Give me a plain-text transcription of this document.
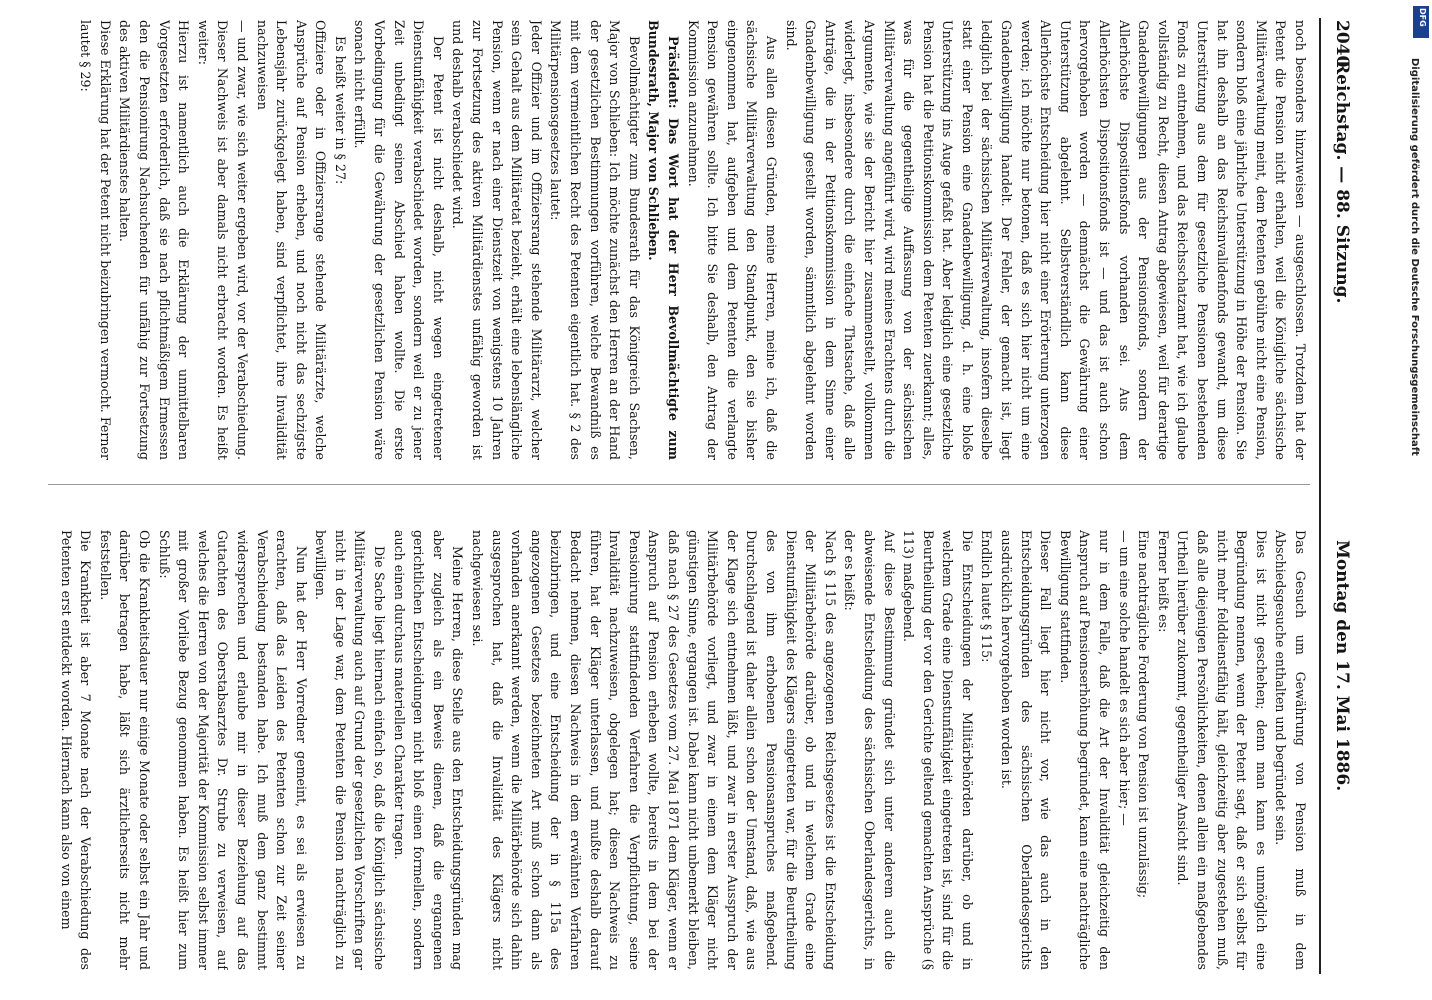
2040
Reichstag. — 88. Sitzung.
Montag den 17. Mai 1886.

noch besonders hinzuweisen — ausgeschlossen. Trotzdem hat der Petent die Pension nicht erhalten, weil die Königliche sächsische Militärverwaltung meint, dem Petenten gebühre nicht eine Pension, sondern bloß eine jährliche Unterstützung in Höhe der Pension. Sie hat ihn deshalb an das Reichsinvalidenfonds gewandt, um diese Unterstützung aus dem für gesetzliche Pensionen bestehenden Fonds zu entnehmen, und das Reichsschatzamt hat, wie ich glaube vollständig zu Recht, diesen Antrag abgewiesen, weil für derartige Gnadenbewilligungen aus der Pensionsfonds, sondern der Allerhöchste Dispositionsfonds vorhanden sei. Aus dem Allerhöchsten Dispositionsfonds ist — und das ist auch schon hervorgehoben worden — demnächst die Gewährung einer Unterstützung abgelehnt. Selbstverständlich kann diese Allerhöchste Entscheidung hier nicht einer Erörterung unterzogen werden; ich möchte nur betonen, daß es sich hier nicht um eine Gnadenbewilligung handelt. Der Fehler, der gemacht ist, liegt lediglich bei der sächsischen Militärverwaltung, insofern dieselbe statt einer Pension eine Gnadenbewilligung, d. h. eine bloße Unterstützung ins Auge gefaßt hat. Aber lediglich eine gesetzliche Pension hat die Petitionskommission dem Petenten zuerkannt; alles, was für die gegentheilige Auffassung von der sächsischen Militärverwaltung angeführt wird, wird meines Erachtens durch die Argumente, wie sie der Bericht hier zusammenstellt, vollkommen widerlegt, insbesondere durch die einfache Thatsache, daß alle Anträge, die in der Petitionskommission in dem Sinne einer Gnadenbewilligung gestellt worden, sämmtlich abgelehnt worden sind.

Aus allen diesen Gründen, meine Herren, meine ich, daß die sächsische Militärverwaltung den Standpunkt, den sie bisher eingenommen hat, aufgeben und dem Petenten die verlangte Pension gewähren sollte. Ich bitte Sie deshalb, den Antrag der Kommission anzunehmen.

Präsident: Das Wort hat der Herr Bevollmächtigte zum Bundesrath, Major von Schlieben.

Bevollmächtigter zum Bundesrath für das Königreich Sachsen, Major von Schlieben: Ich möchte zunächst den Herren an der Hand der gesetzlichen Bestimmungen vorführen, welche Bewandniß es mit dem vermeintlichen Recht des Petenten eigentlich hat. § 2 des Militärpensionsgesetzes lautet:

Jeder Offizier und im Offiziersrang stehende Militärarzt, welcher sein Gehalt aus dem Militäretat bezieht, erhält eine lebenslängliche Pension, wenn er nach einer Dienstzeit von wenigstens 10 Jahren zur Fortsetzung des aktiven Militärdienstes unfähig geworden ist und deshalb verabschiedet wird.

Der Petent ist nicht deshalb, nicht wegen eingetretener Dienstunfähigkeit verabschiedet worden, sondern weil er zu jener Zeit unbedingt seinen Abschied haben wollte. Die erste Vorbedingung für die Gewährung der gesetzlichen Pension wäre sonach nicht erfüllt.

Es heißt weiter in § 27:

Offiziere oder in Offiziersrange stehende Militärärzte, welche Ansprüche auf Pension erheben, und noch nicht das sechzigste Lebensjahr zurückgelegt haben, sind verpflichtet, ihre Invalidität nachzuweisen

— und zwar, wie sich weiter ergeben wird, vor der Verabschiedung. Dieser Nachweis ist aber damals nicht erbracht worden. Es heißt weiter:

Hierzu ist namentlich auch die Erklärung der unmittelbaren Vorgesetzten erforderlich, daß sie nach pflichtmäßigem Ermessen den die Pensionirung Nachsuchenden für unfähig zur Fortsetzung des aktiven Militärdienstes halten.

Diese Erklärung hat der Petent nicht beizubringen vermocht. Ferner lautet § 29:

Das Gesuch um Gewährung von Pension muß in dem Abschiedsgesuche enthalten und begründet sein.

Dies ist nicht geschehen; denn man kann es unmöglich eine Begründung nennen, wenn der Petent sagt, daß er sich selbst für nicht mehr felddienstfähig hält, gleichzeitig aber zugestehen muß, daß alle diejenigen Persönlichkeiten, denen allein ein maßgebendes Urtheil hierüber zukommt, gegentheiliger Ansicht sind.

Ferner heißt es:

Eine nachträgliche Forderung von Pension ist unzulässig;

— um eine solche handelt es sich aber hier; —

nur in dem Falle, daß die Art der Invalidität gleichzeitig den Anspruch auf Pensionserhöhung begründet, kann eine nachträgliche Bewilligung stattfinden.

Dieser Fall liegt hier nicht vor, wie das auch in den Entscheidungsgründen des sächsischen Oberlandesgerichts ausdrücklich hervorgehoben worden ist.

Endlich lautet § 115:

Die Entscheidungen der Militärbehörden darüber, ob und in welchem Grade eine Dienstunfähigkeit eingetreten ist, sind für die Beurtheilung der vor den Gerichte geltend gemachten Ansprüche (§ 113) maßgebend.

Auf diese Bestimmung gründet sich unter anderem auch die abweisende Entscheidung des sächsischen Oberlandesgerichts, in der es heißt:

Nach § 115 des angezogenen Reichsgesetzes ist die Entscheidung der Militärbehörde darüber, ob und in welchem Grade eine Dienstunfähigkeit des Klägers eingetreten war, für die Beurtheilung des von ihm erhobenen Pensionsanspruches maßgebend. Durchschlagend ist daher allein schon der Umstand, daß, wie aus der Klage sich entnehmen läßt, und zwar in erster Ausspruch der Militärbehörde vorliegt, und zwar in einem dem Kläger nicht günstigen Sinne, ergangen ist. Dabei kann nicht unbemerkt bleiben, daß nach § 27 des Gesetzes vom 27. Mai 1871 dem Kläger, wenn er Anspruch auf Pension erheben wollte, bereits in dem bei der Pensionirung stattfindenden Verfahren die Verpflichtung, seine Invalidität nachzuweisen, obgelegen hat; diesen Nachweis zu führen, hat der Kläger unterlassen, und mußte deshalb darauf Bedacht nehmen, diesen Nachweis in dem erwähnten Verfahren beizubringen, und eine Entscheidung der in § 115a des angezogenen Gesetzes bezeichneten Art muß schon dann als vorhanden anerkannt werden, wenn die Militärbehörde sich dahin ausgesprochen hat, daß die Invalidität des Klägers nicht nachgewiesen sei.

Meine Herren, diese Stelle aus den Entscheidungsgründen mag aber zugleich als ein Beweis dienen, daß die ergangenen gerichtlichen Entscheidungen nicht bloß einen formellen, sondern auch einen durchaus materiellen Charakter tragen.

Die Sache liegt hiernach einfach so, daß die Königlich sächsische Militärverwaltung auch auf Grund der gesetzlichen Vorschriften gar nicht in der Lage war, dem Petenten die Pension nachträglich zu bewilligen.

Nun hat der Herr Vorredner gemeint, es sei als erwiesen zu erachten, daß das Leiden des Petenten schon zur Zeit seiner Verabschiedung bestanden habe. Ich muß dem ganz bestimmt widersprechen und erlaube mir in dieser Beziehung auf das Gutachten des Oberstabsarztes Dr. Strube zu verweisen, auf welches die Herren von der Majorität der Kommission selbst immer mit großer Vorliebe Bezug genommen haben. Es heißt hier zum Schluß:

Ob die Krankheitsdauer nur einige Monate oder selbst ein Jahr und darüber betragen habe, läßt sich ärztlicherseits nicht mehr feststellen.

Die Krankheit ist aber 7 Monate nach der Verabschiedung des Petenten erst entdeckt worden. Hiernach kann also von einem

Digitalisierung gefördert durch die Deutsche Forschungsgemeinschaft
DFG
